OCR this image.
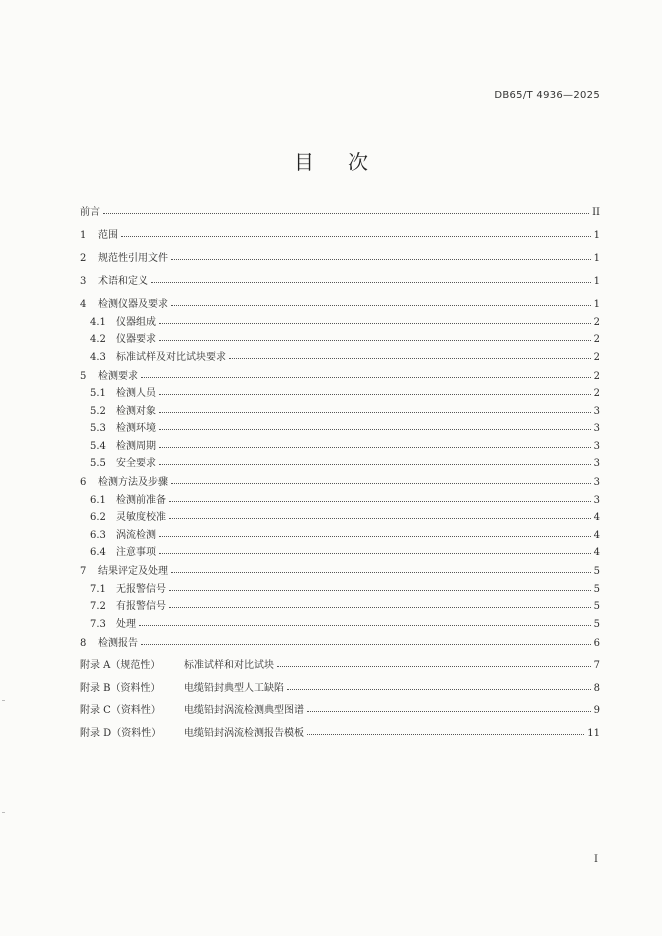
DB65/T 4936—2025
目次
前言	II
1 范围	1
2 规范性引用文件	1
3 术语和定义	1
4 检测仪器及要求	1
4.1 仪器组成	2
4.2 仪器要求	2
4.3 标准试样及对比试块要求	2
5 检测要求	2
5.1 检测人员	2
5.2 检测对象	3
5.3 检测环境	3
5.4 检测周期	3
5.5 安全要求	3
6 检测方法及步骤	3
6.1 检测前准备	3
6.2 灵敏度校准	4
6.3 涡流检测	4
6.4 注意事项	4
7 结果评定及处理	5
7.1 无报警信号	5
7.2 有报警信号	5
7.3 处理	5
8 检测报告	6
附录 A（规范性） 标准试样和对比试块	7
附录 B（资料性） 电缆铅封典型人工缺陷	8
附录 C（资料性） 电缆铅封涡流检测典型图谱	9
附录 D（资料性） 电缆铅封涡流检测报告模板	11
I
